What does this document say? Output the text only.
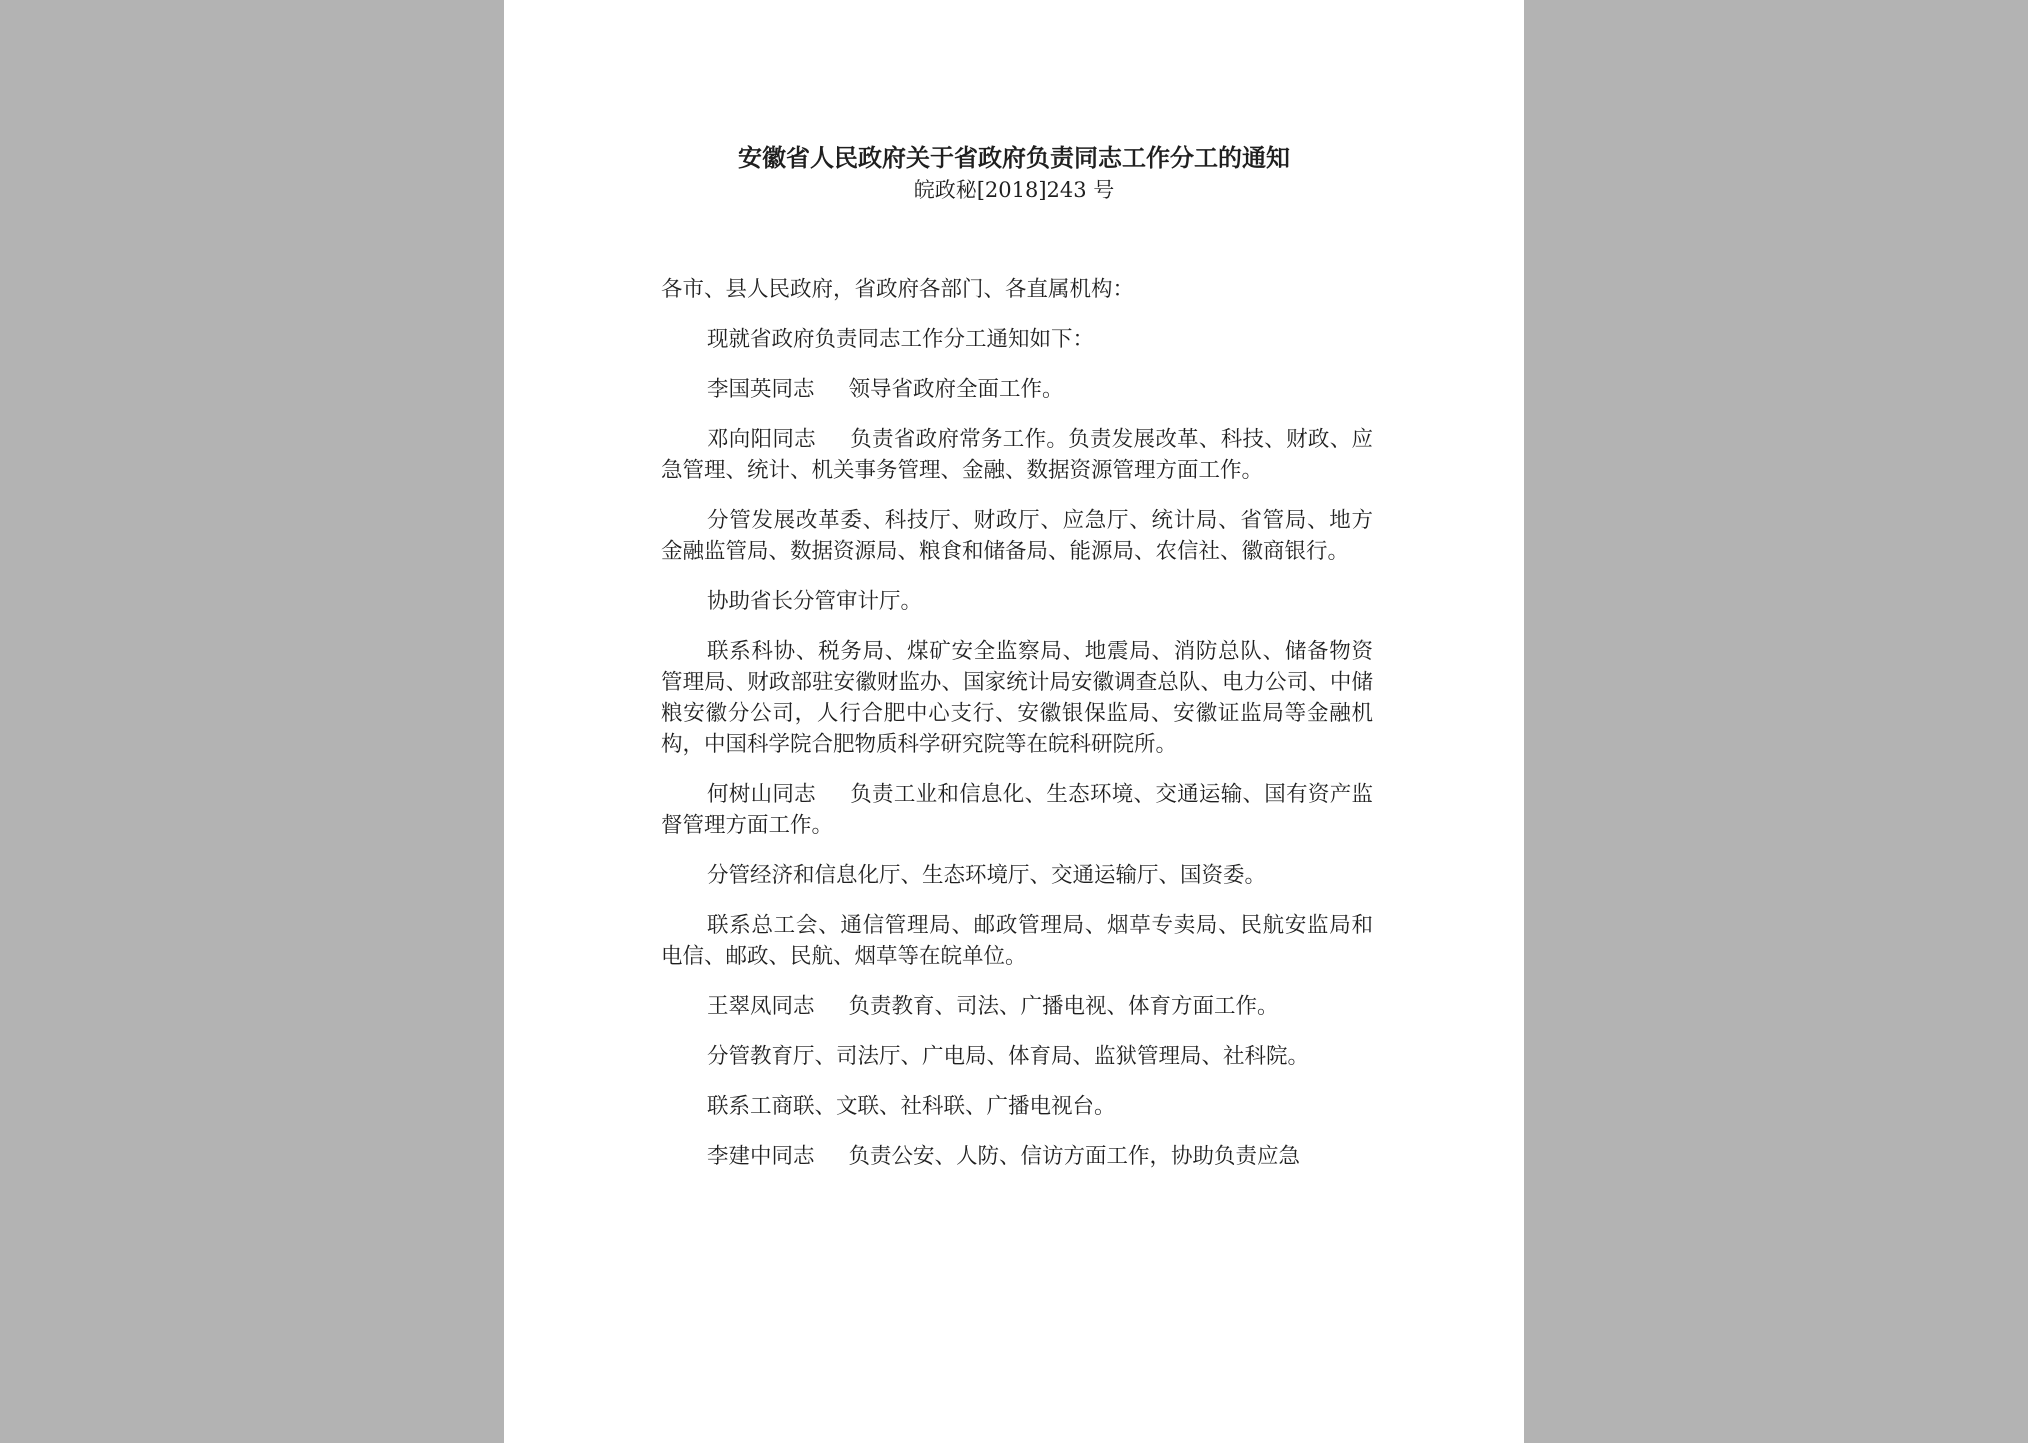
安徽省人民政府关于省政府负责同志工作分工的通知
皖政秘[2018]243 号

各市、县人民政府，省政府各部门、各直属机构：

现就省政府负责同志工作分工通知如下：

李国英同志 领导省政府全面工作。

邓向阳同志 负责省政府常务工作。负责发展改革、科技、财政、应急管理、统计、机关事务管理、金融、数据资源管理方面工作。

分管发展改革委、科技厅、财政厅、应急厅、统计局、省管局、地方金融监管局、数据资源局、粮食和储备局、能源局、农信社、徽商银行。

协助省长分管审计厅。

联系科协、税务局、煤矿安全监察局、地震局、消防总队、储备物资管理局、财政部驻安徽财监办、国家统计局安徽调查总队、电力公司、中储粮安徽分公司，人行合肥中心支行、安徽银保监局、安徽证监局等金融机构，中国科学院合肥物质科学研究院等在皖科研院所。

何树山同志 负责工业和信息化、生态环境、交通运输、国有资产监督管理方面工作。

分管经济和信息化厅、生态环境厅、交通运输厅、国资委。

联系总工会、通信管理局、邮政管理局、烟草专卖局、民航安监局和电信、邮政、民航、烟草等在皖单位。

王翠凤同志 负责教育、司法、广播电视、体育方面工作。

分管教育厅、司法厅、广电局、体育局、监狱管理局、社科院。

联系工商联、文联、社科联、广播电视台。

李建中同志 负责公安、人防、信访方面工作，协助负责应急
